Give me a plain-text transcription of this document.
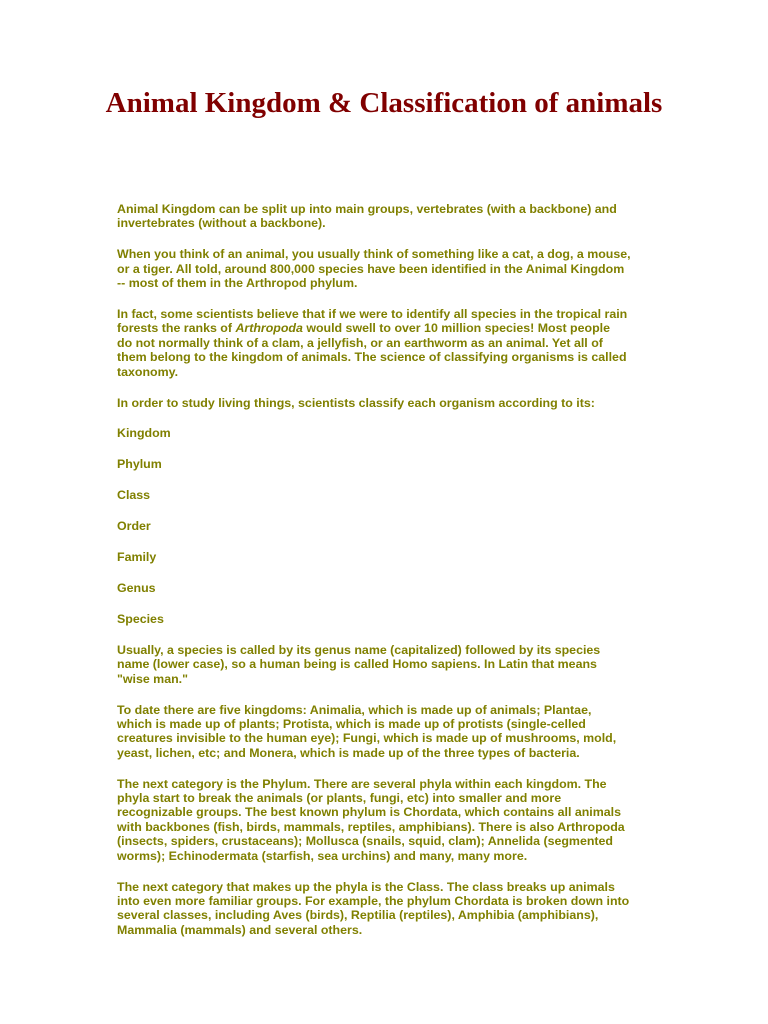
Animal Kingdom & Classification of animals

Animal Kingdom can be split up into main groups, vertebrates (with a backbone) and
invertebrates (without a backbone).

When you think of an animal, you usually think of something like a cat, a dog, a mouse,
or a tiger. All told, around 800,000 species have been identified in the Animal Kingdom
-- most of them in the Arthropod phylum.

In fact, some scientists believe that if we were to identify all species in the tropical rain
forests the ranks of Arthropoda would swell to over 10 million species! Most people
do not normally think of a clam, a jellyfish, or an earthworm as an animal. Yet all of
them belong to the kingdom of animals. The science of classifying organisms is called
taxonomy.

In order to study living things, scientists classify each organism according to its:

Kingdom

Phylum

Class

Order

Family

Genus

Species

Usually, a species is called by its genus name (capitalized) followed by its species
name (lower case), so a human being is called Homo sapiens. In Latin that means
"wise man."

To date there are five kingdoms: Animalia, which is made up of animals; Plantae,
which is made up of plants; Protista, which is made up of protists (single-celled
creatures invisible to the human eye); Fungi, which is made up of mushrooms, mold,
yeast, lichen, etc; and Monera, which is made up of the three types of bacteria.

The next category is the Phylum. There are several phyla within each kingdom. The
phyla start to break the animals (or plants, fungi, etc) into smaller and more
recognizable groups. The best known phylum is Chordata, which contains all animals
with backbones (fish, birds, mammals, reptiles, amphibians). There is also Arthropoda
(insects, spiders, crustaceans); Mollusca (snails, squid, clam); Annelida (segmented
worms); Echinodermata (starfish, sea urchins) and many, many more.

The next category that makes up the phyla is the Class. The class breaks up animals
into even more familiar groups. For example, the phylum Chordata is broken down into
several classes, including Aves (birds), Reptilia (reptiles), Amphibia (amphibians),
Mammalia (mammals) and several others.
